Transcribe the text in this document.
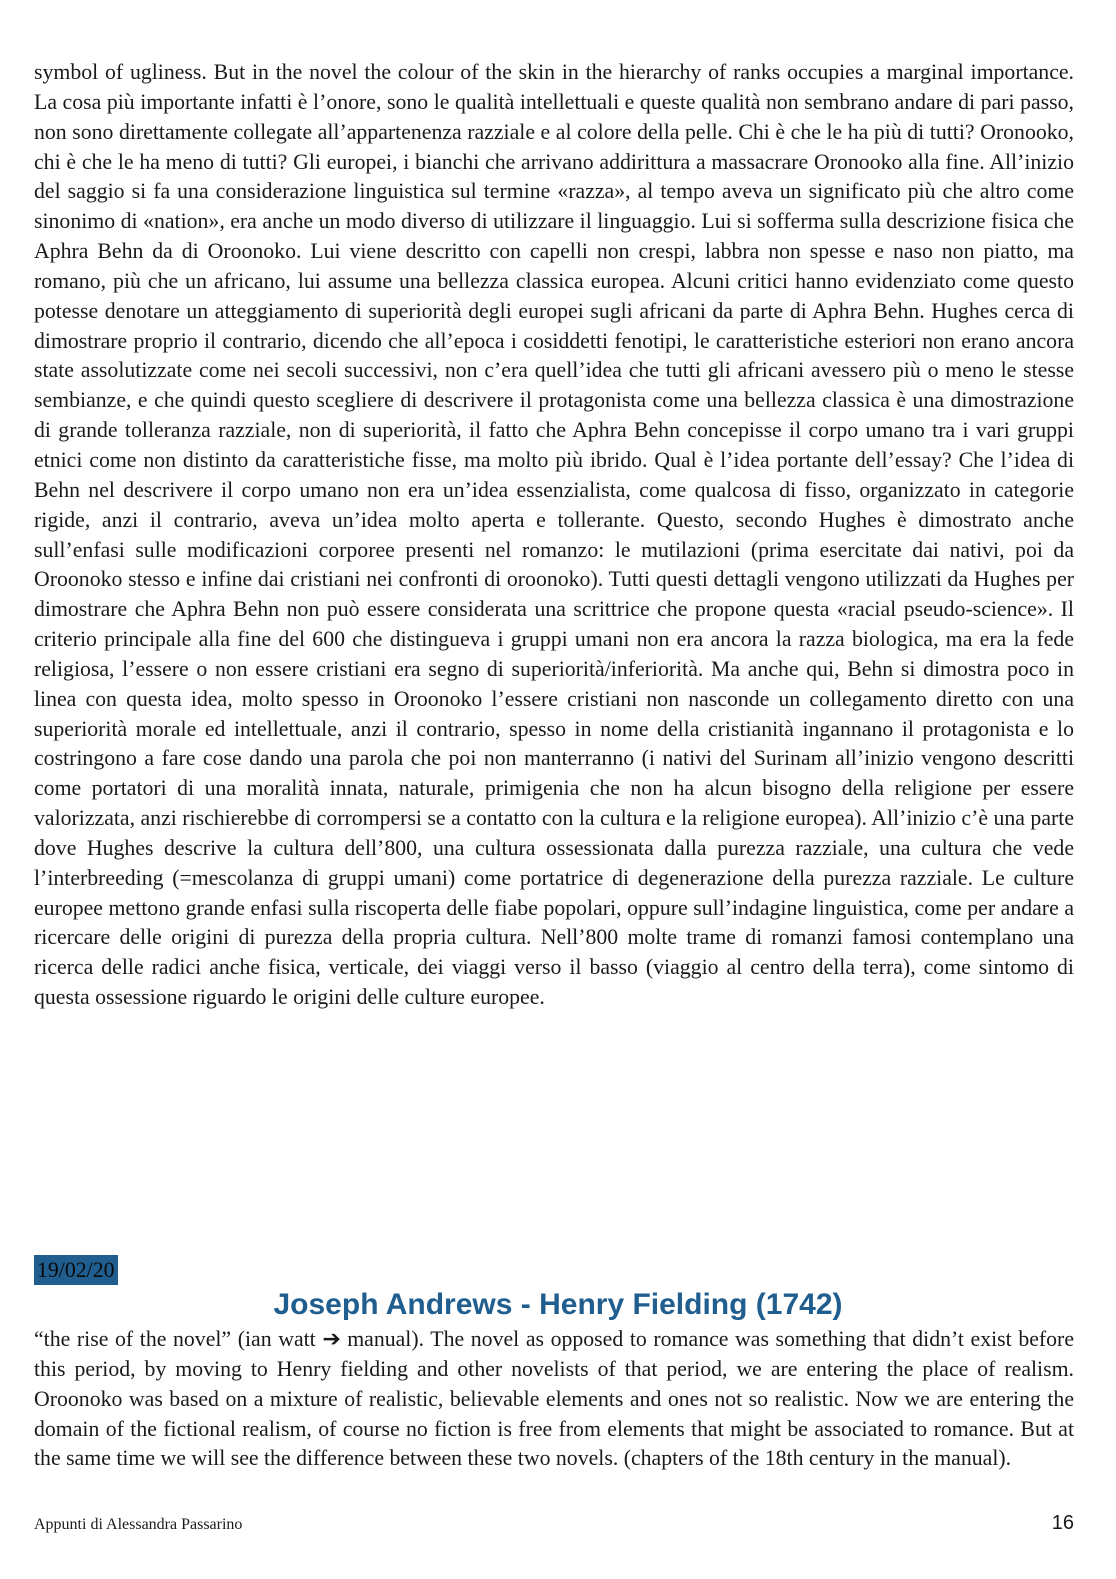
symbol of ugliness. But in the novel the colour of the skin in the hierarchy of ranks occupies a marginal importance. La cosa più importante infatti è l’onore, sono le qualità intellettuali e queste qualità non sembrano andare di pari passo, non sono direttamente collegate all’appartenenza razziale e al colore della pelle. Chi è che le ha più di tutti? Oronooko, chi è che le ha meno di tutti? Gli europei, i bianchi che arrivano addirittura a massacrare Oronooko alla fine. All’inizio del saggio si fa una considerazione linguistica sul termine «razza», al tempo aveva un significato più che altro come sinonimo di «nation», era anche un modo diverso di utilizzare il linguaggio. Lui si sofferma sulla descrizione fisica che Aphra Behn da di Oroonoko. Lui viene descritto con capelli non crespi, labbra non spesse e naso non piatto, ma romano, più che un africano, lui assume una bellezza classica europea. Alcuni critici hanno evidenziato come questo potesse denotare un atteggiamento di superiorità degli europei sugli africani da parte di Aphra Behn. Hughes cerca di dimostrare proprio il contrario, dicendo che all’epoca i cosiddetti fenotipi, le caratteristiche esteriori non erano ancora state assolutizzate come nei secoli successivi, non c’era quell’idea che tutti gli africani avessero più o meno le stesse sembianze, e che quindi questo scegliere di descrivere il protagonista come una bellezza classica è una dimostrazione di grande tolleranza razziale, non di superiorità, il fatto che Aphra Behn concepisse il corpo umano tra i vari gruppi etnici come non distinto da caratteristiche fisse, ma molto più ibrido. Qual è l’idea portante dell’essay? Che l’idea di Behn nel descrivere il corpo umano non era un’idea essenzialista, come qualcosa di fisso, organizzato in categorie rigide, anzi il contrario, aveva un’idea molto aperta e tollerante. Questo, secondo Hughes è dimostrato anche sull’enfasi sulle modificazioni corporee presenti nel romanzo: le mutilazioni (prima esercitate dai nativi, poi da Oroonoko stesso e infine dai cristiani nei confronti di oroonoko). Tutti questi dettagli vengono utilizzati da Hughes per dimostrare che Aphra Behn non può essere considerata una scrittrice che propone questa «racial pseudo-science». Il criterio principale alla fine del 600 che distingueva i gruppi umani non era ancora la razza biologica, ma era la fede religiosa, l’essere o non essere cristiani era segno di superiorità/inferiorità. Ma anche qui, Behn si dimostra poco in linea con questa idea, molto spesso in Oroonoko l’essere cristiani non nasconde un collegamento diretto con una superiorità morale ed intellettuale, anzi il contrario, spesso in nome della cristianità ingannano il protagonista e lo costringono a fare cose dando una parola che poi non manterranno (i nativi del Surinam all’inizio vengono descritti come portatori di una moralità innata, naturale, primigenia che non ha alcun bisogno della religione per essere valorizzata, anzi rischierebbe di corrompersi se a contatto con la cultura e la religione europea). All’inizio c’è una parte dove Hughes descrive la cultura dell’800, una cultura ossessionata dalla purezza razziale, una cultura che vede l’interbreeding (=mescolanza di gruppi umani) come portatrice di degenerazione della purezza razziale. Le culture europee mettono grande enfasi sulla riscoperta delle fiabe popolari, oppure sull’indagine linguistica, come per andare a ricercare delle origini di purezza della propria cultura. Nell’800 molte trame di romanzi famosi contemplano una ricerca delle radici anche fisica, verticale, dei viaggi verso il basso (viaggio al centro della terra), come sintomo di questa ossessione riguardo le origini delle culture europee.

19/02/20
Joseph Andrews - Henry Fielding (1742)

“the rise of the novel” (ian watt ➔ manual). The novel as opposed to romance was something that didn’t exist before this period, by moving to Henry fielding and other novelists of that period, we are entering the place of realism. Oroonoko was based on a mixture of realistic, believable elements and ones not so realistic. Now we are entering the domain of the fictional realism, of course no fiction is free from elements that might be associated to romance. But at the same time we will see the difference between these two novels. (chapters of the 18th century in the manual).

Appunti di Alessandra Passarino	16
